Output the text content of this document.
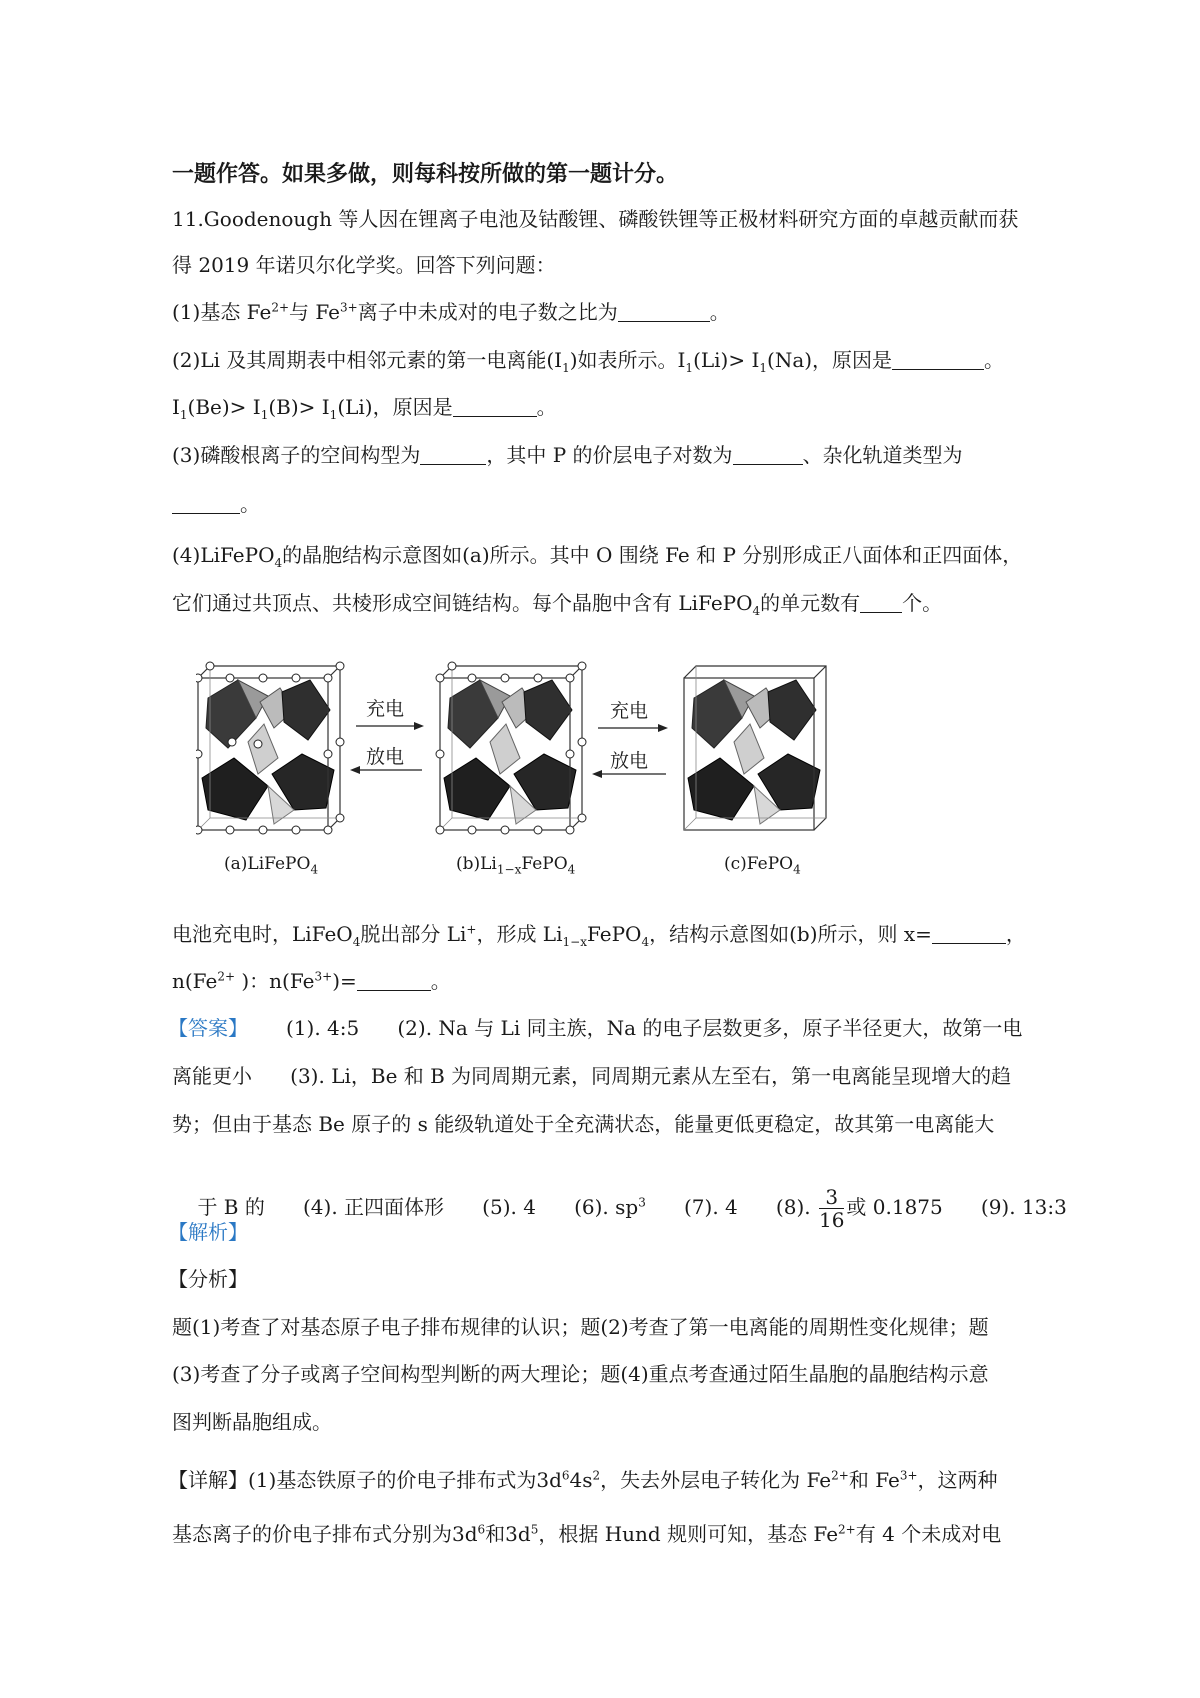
一题作答。如果多做，则每科按所做的第一题计分。
11.Goodenough 等人因在锂离子电池及钴酸锂、磷酸铁锂等正极材料研究方面的卓越贡献而获
得 2019 年诺贝尔化学奖。回答下列问题：
(1)基态 $Fe^{2+}$与 $Fe^{3+}$离子中未成对的电子数之比为	。
(2)Li 及其周期表中相邻元素的第一电离能$(I_1)$如表所示。$I_1(Li)> I_1(Na)$，原因是	。
$I_1(Be)> I_1(B)> I_1(Li)$，原因是	。
(3)磷酸根离子的空间构型为	，其中 P 的价层电子对数为	、杂化轨道类型为
。
(4)LiFePO$_4$的晶胞结构示意图如(a)所示。其中 O 围绕 Fe 和 P 分别形成正八面体和正四面体，
它们通过共顶点、共棱形成空间链结构。每个晶胞中含有 LiFePO$_4$的单元数有 个。
充电
放电
充电
放电
(a)LiFePO$_4$	$(b)Li_{1-x}FePO_4$	(c)FePO$_4$
电池充电时，LiFeO$_4$脱出部分 Li+，形成 $Li_{1-x}FePO_4$，结构示意图如(b)所示，则 x=	，
$n(Fe^{2+}$ )：$n(Fe^{3+})=$	。
【答案】 (1). 4:5      (2). Na 与 Li 同主族，Na 的电子层数更多，原子半径更大，故第一电
离能更小      (3). Li，Be 和 B 为同周期元素，同周期元素从左至右，第一电离能呈现增大的趋
势；但由于基态 Be 原子的 s 能级轨道处于全充满状态，能量更低更稳定，故其第一电离能大

于 B 的      (4). 正四面体形      (5). 4      (6). $sp^3$      (7). 4      (8). $\frac{3}{16}$ 或 0.1875      (9). 13:3

【解析】
【分析】
题(1)考查了对基态原子电子排布规律的认识；题(2)考查了第一电离能的周期性变化规律；题
(3)考查了分子或离子空间构型判断的两大理论；题(4)重点考查通过陌生晶胞的晶胞结构示意
图判断晶胞组成。
【详解】(1)基态铁原子的价电子排布式为$3d^64s^2$，失去外层电子转化为 $Fe^{2+}$和 $Fe^{3+}$，这两种
基态离子的价电子排布式分别为$3d^6$和$3d^5$，根据 Hund 规则可知，基态 $Fe^{2+}$有 4 个未成对电
